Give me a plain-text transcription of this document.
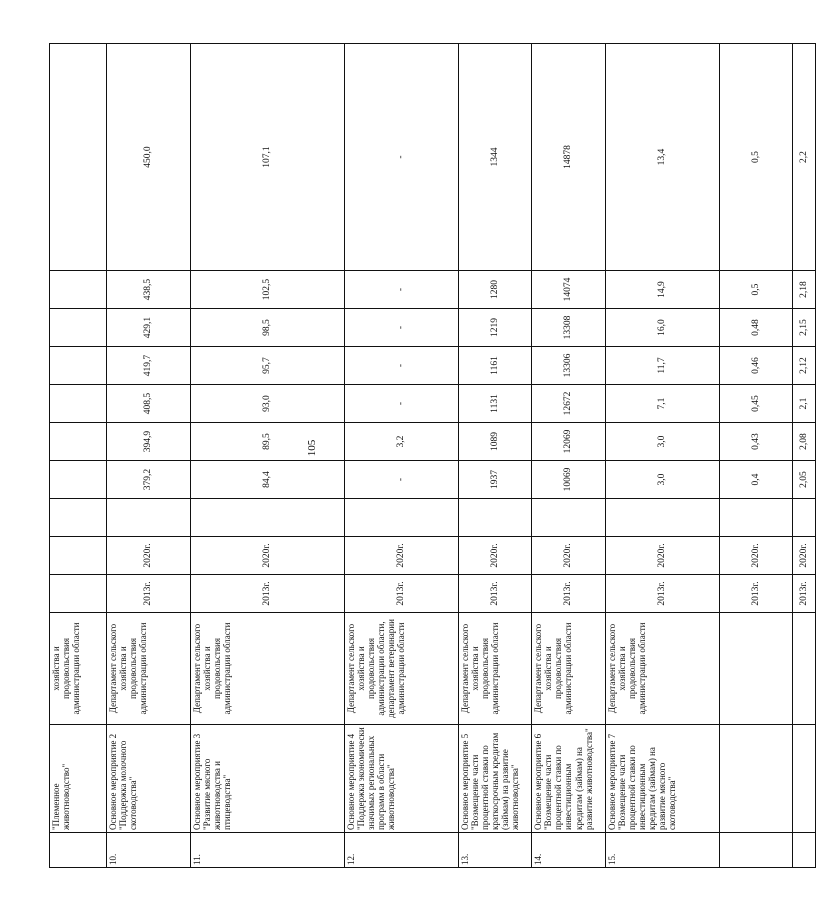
105
	"Племенное животноводство"	хозяйства и продовольствия администрации области											
10.	Основное мероприятие 2 "Поддержка молочного скотоводства"	Департамент сельского хозяйства и продовольствия администрации области	2013г.	2020г.		379,2	394,9	408,5	419,7	429,1	438,5	450,0	
11.	Основное мероприятие 3 "Развитие мясного животноводства и птицеводства"	Департамент сельского хозяйства и продовольствия администрации области	2013г.	2020г.		84,4	89,5	93,0	95,7	98,5	102,5	107,1	
12.	Основное мероприятие 4 "Поддержка экономически значимых региональных программ в области животноводства"	Департамент сельского хозяйства и продовольствия администрации области, департамент ветеринарии администрации области	2013г.	2020г.		-	3,2	-	-	-	-	-	
13.	Основное мероприятие 5 "Возмещение части процентной ставки по краткосрочным кредитам (займам) на развитие животноводства"	Департамент сельского хозяйства и продовольствия администрации области	2013г.	2020г.		1937	1089	1131	1161	1219	1280	1344	
14.	Основное мероприятие 6 "Возмещение части процентной ставки по инвестиционным кредитам (займам) на развитие животноводства"	Департамент сельского хозяйства и продовольствия администрации области	2013г.	2020г.		10069	12069	12672	13306	13308	14074	14878	
15.	Основное мероприятие 7 "Возмещение части процентной ставки по инвестиционным кредитам (займам) на развитие мясного скотоводства"	Департамент сельского хозяйства и продовольствия администрации области	2013г.	2020г.		3,0	3,0	7,1	11,7	16,0	14,9	13,4	
			2013г.	2020г.		0,4	0,43	0,45	0,46	0,48	0,5	0,5	
			2013г.	2020г.		2,05	2,08	2,1	2,12	2,15	2,18	2,2	
